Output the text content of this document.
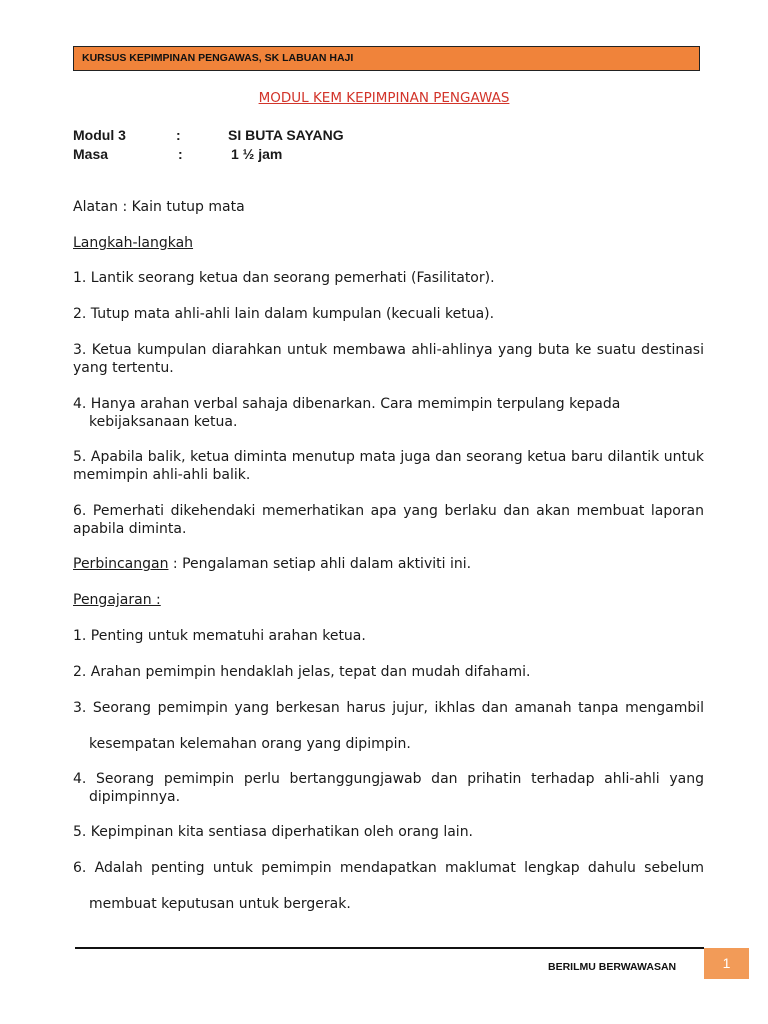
KURSUS KEPIMPINAN PENGAWAS, SK LABUAN HAJI
MODUL KEM KEPIMPINAN PENGAWAS
Modul 3	:	SI BUTA SAYANG
Masa	:	1 ½ jam
Alatan : Kain tutup mata
Langkah-langkah
1. Lantik seorang ketua dan seorang pemerhati (Fasilitator).
2. Tutup mata ahli-ahli lain dalam kumpulan (kecuali ketua).
3. Ketua kumpulan diarahkan untuk membawa ahli-ahlinya yang buta ke suatu destinasi yang tertentu.
4. Hanya arahan verbal sahaja dibenarkan. Cara memimpin terpulang kepada
kebijaksanaan ketua.
5. Apabila balik, ketua diminta menutup mata juga dan seorang ketua baru dilantik untuk memimpin ahli-ahli balik.
6. Pemerhati dikehendaki memerhatikan apa yang berlaku dan akan membuat laporan apabila diminta.
Perbincangan : Pengalaman setiap ahli dalam aktiviti ini.
Pengajaran :
1. Penting untuk mematuhi arahan ketua.
2. Arahan pemimpin hendaklah jelas, tepat dan mudah difahami.
3. Seorang pemimpin yang berkesan harus jujur, ikhlas dan amanah tanpa mengambil
kesempatan kelemahan orang yang dipimpin.
4. Seorang pemimpin perlu bertanggungjawab dan prihatin terhadap ahli-ahli yang
dipimpinnya.
5. Kepimpinan kita sentiasa diperhatikan oleh orang lain.
6. Adalah penting untuk pemimpin mendapatkan maklumat lengkap dahulu sebelum
membuat keputusan untuk bergerak.
BERILMU BERWAWASAN	1
